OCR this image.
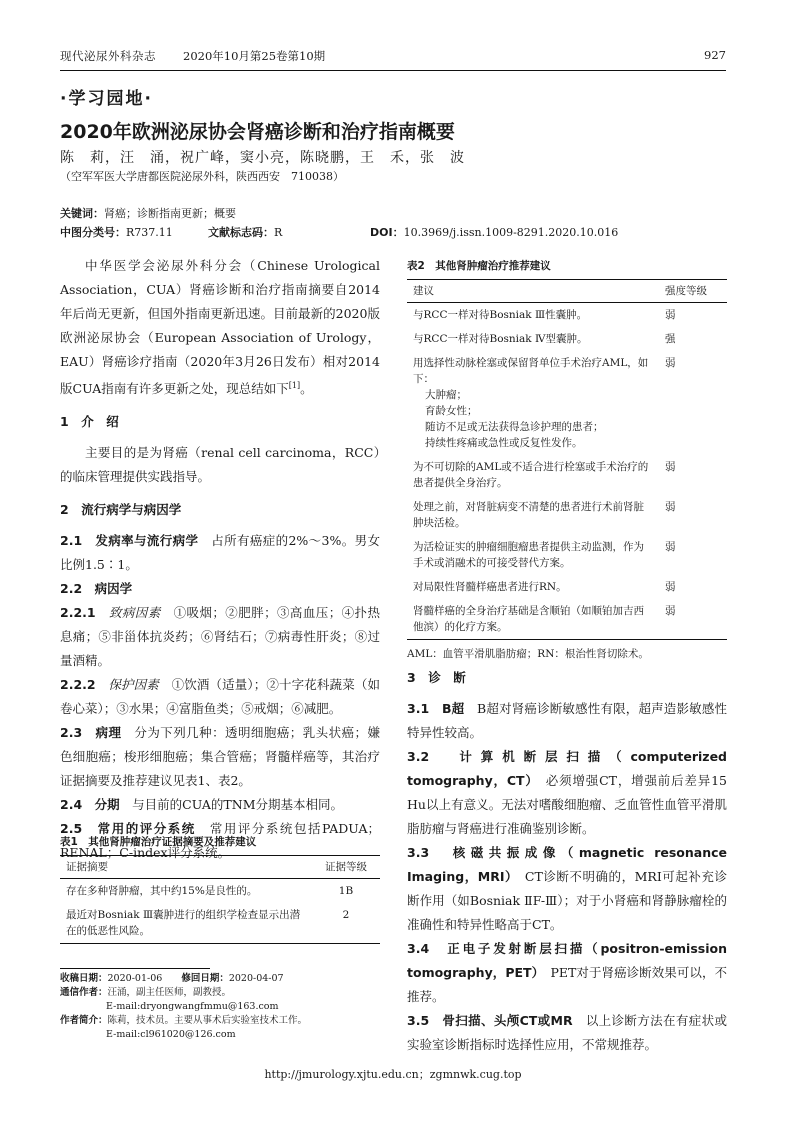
现代泌尿外科杂志 2020年10月第25卷第10期	927
·学习园地·
2020年欧洲泌尿协会肾癌诊断和治疗指南概要
陈　莉，汪　涌，祝广峰，窦小亮，陈晓鹏，王　禾，张　波
（空军军医大学唐都医院泌尿外科，陕西西安　710038）
关键词：肾癌；诊断指南更新；概要
中图分类号：R737.11	文献标志码：R	DOI：10.3969/j.issn.1009-8291.2020.10.016

中华医学会泌尿外科分会（Chinese Urological Association，CUA）肾癌诊断和治疗指南摘要自2014年后尚无更新，但国外指南更新迅速。目前最新的2020版欧洲泌尿协会（European Association of Urology，EAU）肾癌诊疗指南（2020年3月26日发布）相对2014版CUA指南有许多更新之处，现总结如下[1]。

1　介　绍

主要目的是为肾癌（renal cell carcinoma，RCC）的临床管理提供实践指导。

2　流行病学与病因学

2.1　发病率与流行病学　 占所有癌症的2%～3%。男女比例1.5∶1。

2.2　病因学

2.2.1　 致病因素　 ①吸烟；②肥胖；③高血压；④扑热息痛；⑤非甾体抗炎药；⑥肾结石；⑦病毒性肝炎；⑧过量酒精。

2.2.2　 保护因素　 ①饮酒（适量）；②十字花科蔬菜（如卷心菜）；③水果；④富脂鱼类；⑤戒烟；⑥减肥。

2.3　病理　 分为下列几种：透明细胞癌；乳头状癌；嫌色细胞癌；梭形细胞癌；集合管癌；肾髓样癌等，其治疗证据摘要及推荐建议见表1、表2。

2.4　分期　 与目前的CUA的TNM分期基本相同。

2.5　常用的评分系统　 常用评分系统包括PADUA；RENAL；C-index评分系统。

表1　其他肾肿瘤治疗证据摘要及推荐建议
证据摘要	证据等级
存在多种肾肿瘤，其中约15%是良性的。	1B
最近对Bosniak Ⅲ囊肿进行的组织学检查显示出潜在的低恶性风险。	2
收稿日期：2020-01-06　　 修回日期：2020-04-07
通信作者：汪涌，副主任医师，副教授。
E-mail:dryongwangfmmu@163.com
作者简介：陈莉，技术员。主要从事术后实验室技术工作。
E-mail:cl961020@126.com
表2　其他肾肿瘤治疗推荐建议
建议	强度等级
与RCC一样对待Bosniak Ⅲ性囊肿。	弱
与RCC一样对待Bosniak Ⅳ型囊肿。	强

用选择性动脉栓塞或保留肾单位手术治疗AML，如下：
大肿瘤；
育龄女性；
随访不足或无法获得急诊护理的患者；
持续性疼痛或急性或反复性发作。	弱
为不可切除的AML或不适合进行栓塞或手术治疗的患者提供全身治疗。	弱
处理之前，对肾脏病变不清楚的患者进行术前肾脏肿块活检。	弱
为活检证实的肿瘤细胞瘤患者提供主动监测，作为手术或消融术的可接受替代方案。	弱
对局限性肾髓样癌患者进行RN。	弱
肾髓样癌的全身治疗基础是含顺铂（如顺铂加吉西他滨）的化疗方案。	弱
AML：血管平滑肌脂肪瘤；RN：根治性肾切除术。
3　诊　断

3.1　B超　 B超对肾癌诊断敏感性有限，超声造影敏感性特异性较高。

3.2　计算机断层扫描（computerized tomography，CT）　 必须增强CT，增强前后差异15 Hu以上有意义。无法对嗜酸细胞瘤、乏血管性血管平滑肌脂肪瘤与肾癌进行准确鉴别诊断。

3.3　核磁共振成像（magnetic resonance Imaging，MRI）　 CT诊断不明确的，MRI可起补充诊断作用（如Bosniak ⅡF-Ⅲ）；对于小肾癌和肾静脉瘤栓的准确性和特异性略高于CT。

3.4　正电子发射断层扫描（positron-emission tomography，PET）　 PET对于肾癌诊断效果可以，不推荐。

3.5　骨扫描、头颅CT或MR　 以上诊断方法在有症状或实验室诊断指标时选择性应用，不常规推荐。

http://jmurology.xjtu.edu.cn；zgmnwk.cug.top
